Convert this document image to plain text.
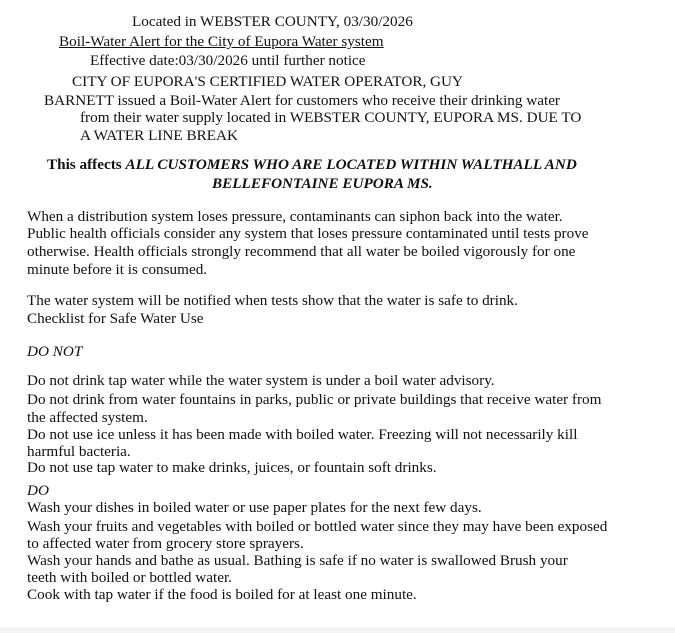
Located in WEBSTER COUNTY, 03/30/2026
Boil-Water Alert for the City of Eupora Water system
Effective date:03/30/2026 until further notice
CITY OF EUPORA'S CERTIFIED WATER OPERATOR, GUY
BARNETT issued a Boil-Water Alert for customers who receive their drinking water
from their water supply located in WEBSTER COUNTY, EUPORA MS. DUE TO
A WATER LINE BREAK
This affects ALL CUSTOMERS WHO ARE LOCATED WITHIN WALTHALL AND
BELLEFONTAINE EUPORA MS.
When a distribution system loses pressure, contaminants can siphon back into the water.
Public health officials consider any system that loses pressure contaminated until tests prove
otherwise. Health officials strongly recommend that all water be boiled vigorously for one
minute before it is consumed.
The water system will be notified when tests show that the water is safe to drink.
Checklist for Safe Water Use
DO NOT
Do not drink tap water while the water system is under a boil water advisory.
Do not drink from water fountains in parks, public or private buildings that receive water from
the affected system.
Do not use ice unless it has been made with boiled water. Freezing will not necessarily kill
harmful bacteria.
Do not use tap water to make drinks, juices, or fountain soft drinks.
DO
Wash your dishes in boiled water or use paper plates for the next few days.
Wash your fruits and vegetables with boiled or bottled water since they may have been exposed
to affected water from grocery store sprayers.
Wash your hands and bathe as usual. Bathing is safe if no water is swallowed Brush your
teeth with boiled or bottled water.
Cook with tap water if the food is boiled for at least one minute.
